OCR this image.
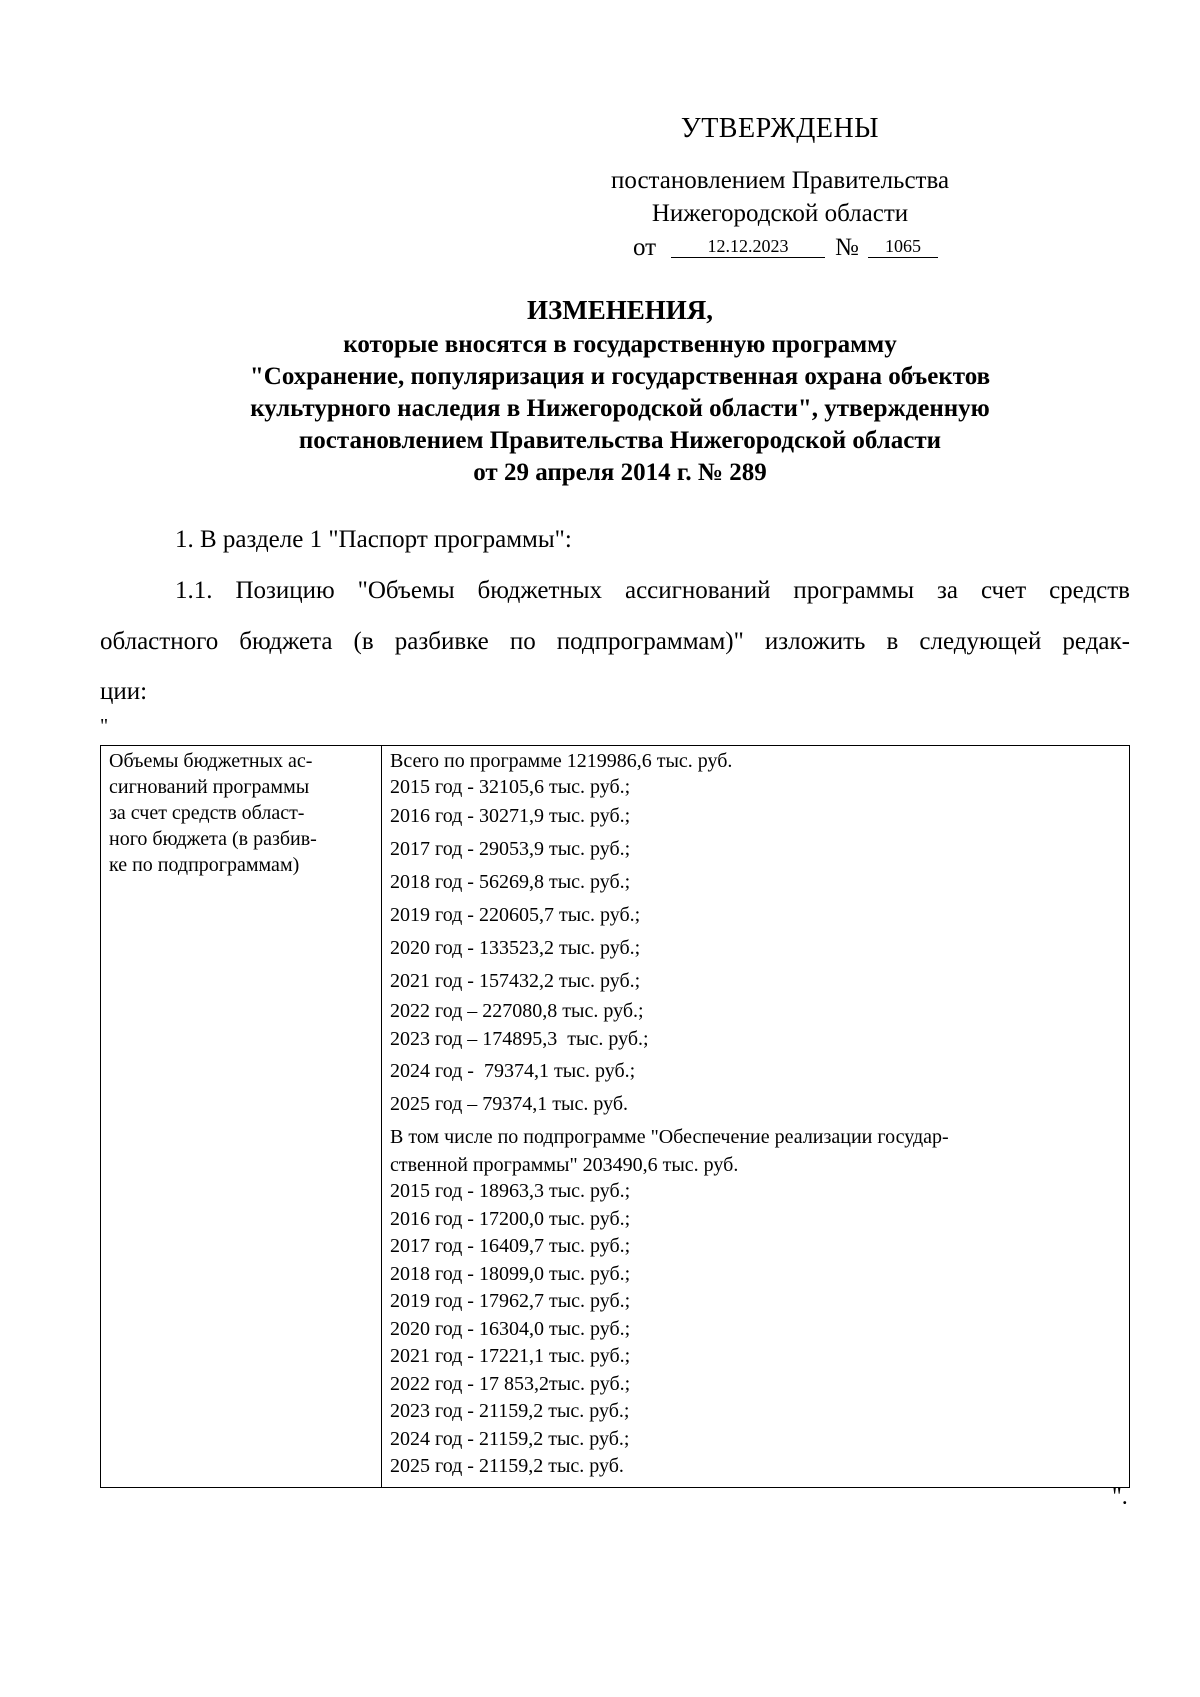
УТВЕРЖДЕНЫ
постановлением Правительства
Нижегородской области
от	12.12.2023	№	1065
ИЗМЕНЕНИЯ,
которые вносятся в государственную программу
"Сохранение, популяризация и государственная охрана объектов
культурного наследия в Нижегородской области", утвержденную
постановлением Правительства Нижегородской области
от 29 апреля 2014 г. № 289
1. В разделе 1 "Паспорт программы":
1.1. Позицию "Объемы бюджетных ассигнований программы за счет средств
областного бюджета (в разбивке по подпрограммам)" изложить в следующей редак-
ции:
"
Объемы бюджетных ас-
сигнований программы
за счет средств област-
ного бюджета (в разбив-
ке по подпрограммам)

Всего по программе 1219986,6 тыс. руб.
2015 год - 32105,6 тыс. руб.;
2016 год - 30271,9 тыс. руб.;
2017 год - 29053,9 тыс. руб.;
2018 год - 56269,8 тыс. руб.;
2019 год - 220605,7 тыс. руб.;
2020 год - 133523,2 тыс. руб.;
2021 год - 157432,2 тыс. руб.;
2022 год – 227080,8 тыс. руб.;
2023 год – 174895,3  тыс. руб.;
2024 год -  79374,1 тыс. руб.;
2025 год – 79374,1 тыс. руб.
В том числе по подпрограмме "Обеспечение реализации государ-
ственной программы" 203490,6 тыс. руб.
2015 год - 18963,3 тыс. руб.;
2016 год - 17200,0 тыс. руб.;
2017 год - 16409,7 тыс. руб.;
2018 год - 18099,0 тыс. руб.;
2019 год - 17962,7 тыс. руб.;
2020 год - 16304,0 тыс. руб.;
2021 год - 17221,1 тыс. руб.;
2022 год - 17 853,2тыс. руб.;
2023 год - 21159,2 тыс. руб.;
2024 год - 21159,2 тыс. руб.;
2025 год - 21159,2 тыс. руб.
".
